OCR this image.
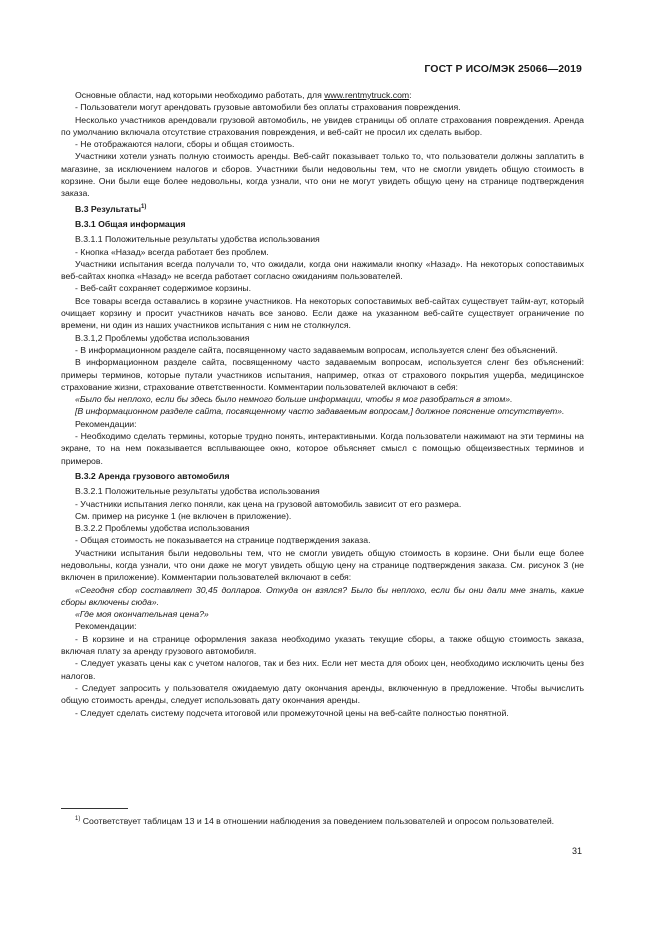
ГОСТ Р ИСО/МЭК 25066—2019

Основные области, над которыми необходимо работать, для www.rentmytruck.com:

- Пользователи могут арендовать грузовые автомобили без оплаты страхования повреждения.

Несколько участников арендовали грузовой автомобиль, не увидев страницы об оплате страхования повреждения. Аренда по умолчанию включала отсутствие страхования повреждения, и веб-сайт не просил их сделать выбор.

- Не отображаются налоги, сборы и общая стоимость.

Участники хотели узнать полную стоимость аренды. Веб-сайт показывает только то, что пользователи должны заплатить в магазине, за исключением налогов и сборов. Участники были недовольны тем, что не смогли увидеть общую стоимость в корзине. Они были еще более недовольны, когда узнали, что они не могут увидеть общую цену на странице подтверждения заказа.

В.3 Результаты$^{1)}$

В.3.1 Общая информация

В.3.1.1 Положительные результаты удобства использования

- Кнопка «Назад» всегда работает без проблем.

Участники испытания всегда получали то, что ожидали, когда они нажимали кнопку «Назад». На некоторых сопоставимых веб-сайтах кнопка «Назад» не всегда работает согласно ожиданиям пользователей.

- Веб-сайт сохраняет содержимое корзины.

Все товары всегда оставались в корзине участников. На некоторых сопоставимых веб-сайтах существует тайм-аут, который очищает корзину и просит участников начать все заново. Если даже на указанном веб-сайте существует ограничение по времени, ни один из наших участников испытания с ним не столкнулся.

В.3.1,2 Проблемы удобства использования

- В информационном разделе сайта, посвященному часто задаваемым вопросам, используется сленг без объяснений.

В информационном разделе сайта, посвященному часто задаваемым вопросам, используется сленг без объяснений: примеры терминов, которые путали участников испытания, например, отказ от страхового покрытия ущерба, медицинское страхование жизни, страхование ответственности. Комментарии пользователей включают в себя:

«Было бы неплохо, если бы здесь было немного больше информации, чтобы я мог разобраться в этом».

[В информационном разделе сайта, посвященному часто задаваемым вопросам,] должное пояснение отсутствует».

Рекомендации:

- Необходимо сделать термины, которые трудно понять, интерактивными. Когда пользователи нажимают на эти термины на экране, то на нем показывается всплывающее окно, которое объясняет смысл с помощью общеизвестных терминов и примеров.

В.3.2 Аренда грузового автомобиля

В.3.2.1 Положительные результаты удобства использования

- Участники испытания легко поняли, как цена на грузовой автомобиль зависит от его размера.

См. пример на рисунке 1 (не включен в приложение).

В.3.2.2 Проблемы удобства использования

- Общая стоимость не показывается на странице подтверждения заказа.

Участники испытания были недовольны тем, что не смогли увидеть общую стоимость в корзине. Они были еще более недовольны, когда узнали, что они даже не могут увидеть общую цену на странице подтверждения заказа. См. рисунок 3 (не включен в приложение). Комментарии пользователей включают в себя:

«Сегодня сбор составляет 30,45 долларов. Откуда он взялся? Было бы неплохо, если бы они дали мне знать, какие сборы включены сюда».

«Где моя окончательная цена?»

Рекомендации:

- В корзине и на странице оформления заказа необходимо указать текущие сборы, а также общую стоимость заказа, включая плату за аренду грузового автомобиля.

- Следует указать цены как с учетом налогов, так и без них. Если нет места для обоих цен, необходимо исключить цены без налогов.

- Следует запросить у пользователя ожидаемую дату окончания аренды, включенную в предложение. Чтобы вычислить общую стоимость аренды, следует использовать дату окончания аренды.

- Следует сделать систему подсчета итоговой или промежуточной цены на веб-сайте полностью понятной.

$^{1)}$ Соответствует таблицам 13 и 14 в отношении наблюдения за поведением пользователей и опросом пользователей.
31
